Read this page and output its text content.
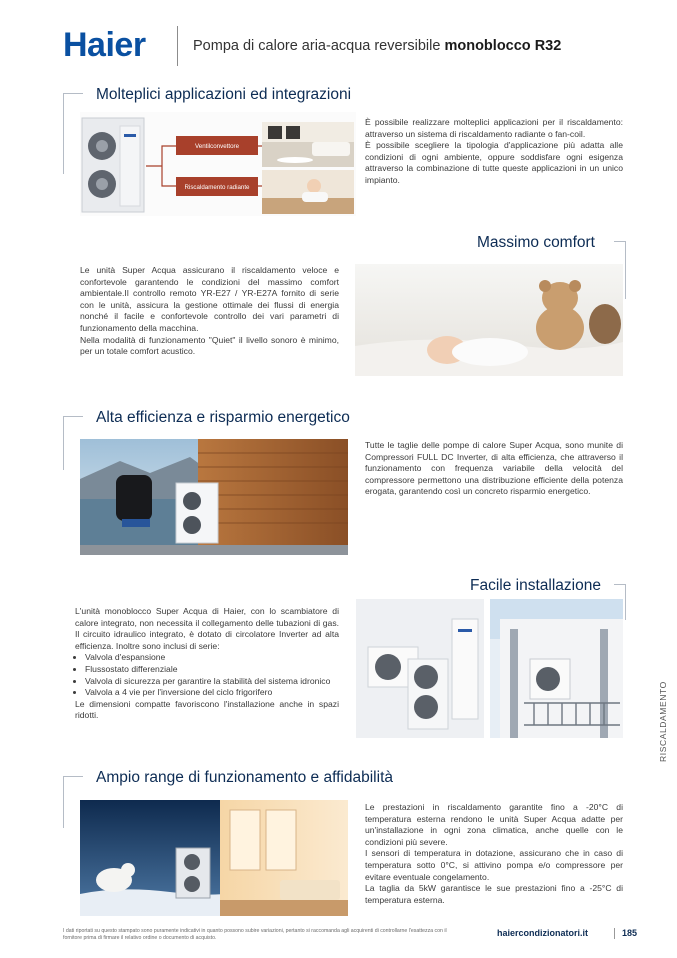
Haier	Pompa di calore aria-acqua reversibile monoblocco R32
Molteplici applicazioni ed integrazioni
Ventilconvettore
Riscaldamento radiante

È possibile realizzare molteplici applicazioni per il riscaldamento: attraverso un sistema di riscaldamento radiante o fan-coil.

È possibile scegliere la tipologia d'applicazione più adatta alle condizioni di ogni ambiente, oppure soddisfare ogni esigenza attraverso la combinazione di tutte queste applicazioni in un unico impianto.

Massimo comfort

Le unità Super Acqua assicurano il riscaldamento veloce e confortevole garantendo le condizioni del massimo comfort ambientale.Il controllo remoto YR-E27 / YR-E27A fornito di serie con le unità, assicura la gestione ottimale dei flussi di energia nonché il facile e confortevole controllo dei vari parametri di funzionamento della macchina.

Nella modalità di funzionamento "Quiet" il livello sonoro è minimo, per un totale comfort acustico.

Alta efficienza e risparmio energetico

Tutte le taglie delle pompe di calore Super Acqua, sono munite di Compressori FULL DC Inverter, di alta efficienza, che attraverso il funzionamento con frequenza variabile della velocità del compressore permettono una distribuzione efficiente della potenza erogata, garantendo così un concreto risparmio energetico.

Facile installazione

L'unità monoblocco Super Acqua di Haier, con lo scambiatore di calore integrato, non necessita il collegamento delle tubazioni di gas. Il circuito idraulico integrato, è dotato di circolatore Inverter ad alta efficienza. Inoltre sono inclusi di serie:

• Valvola d'espansione
• Flussostato differenziale
• Valvola di sicurezza per garantire la stabilità del sistema idronico
• Valvola a 4 vie per l'inversione del ciclo frigorifero

Le dimensioni compatte favoriscono l'installazione anche in spazi ridotti.	RISCALDAMENTO
Ampio range di funzionamento e affidabilità

Le prestazioni in riscaldamento garantite fino a -20°C di temperatura esterna rendono le unità Super Acqua adatte per un'installazione in ogni zona climatica, anche quelle con le condizioni più severe.

I sensori di temperatura in dotazione, assicurano che in caso di temperatura sotto 0°C, si attivino pompa e/o compressore per evitare eventuale congelamento.

La taglia da 5kW garantisce le sue prestazioni fino a -25°C di temperatura esterna.

I dati riportati su questo stampato sono puramente indicativi in quanto possono subire variazioni, pertanto si raccomanda agli acquirenti di controllarne l'esattezza con il fornitore prima di firmare il relativo ordine o documento di acquisto.	haiercondizionatori.it	185
